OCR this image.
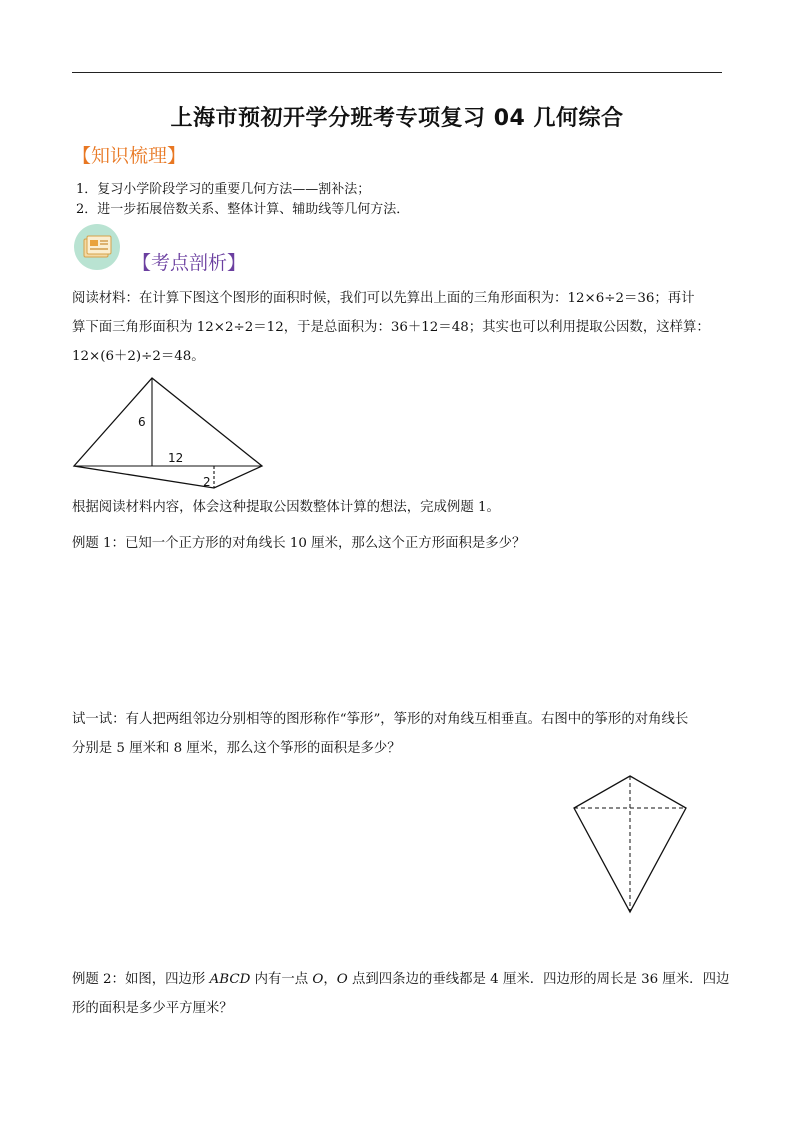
上海市预初开学分班考专项复习 04 几何综合
【知识梳理】
1．复习小学阶段学习的重要几何方法——割补法；
2．进一步拓展倍数关系、整体计算、辅助线等几何方法．
【考点剖析】
阅读材料：在计算下图这个图形的面积时候，我们可以先算出上面的三角形面积为：12×6÷2＝36；再计
算下面三角形面积为 12×2÷2＝12，于是总面积为：36＋12＝48；其实也可以利用提取公因数，这样算：
12×(6＋2)÷2＝48。
6
12
2
根据阅读材料内容，体会这种提取公因数整体计算的想法，完成例题 1。
例题 1：已知一个正方形的对角线长 10 厘米，那么这个正方形面积是多少？
试一试：有人把两组邻边分别相等的图形称作“筝形”，筝形的对角线互相垂直。右图中的筝形的对角线长
分别是 5 厘米和 8 厘米，那么这个筝形的面积是多少？
例题 2：如图，四边形 ABCD 内有一点 O，O 点到四条边的垂线都是 4 厘米．四边形的周长是 36 厘米．四边
形的面积是多少平方厘米？
